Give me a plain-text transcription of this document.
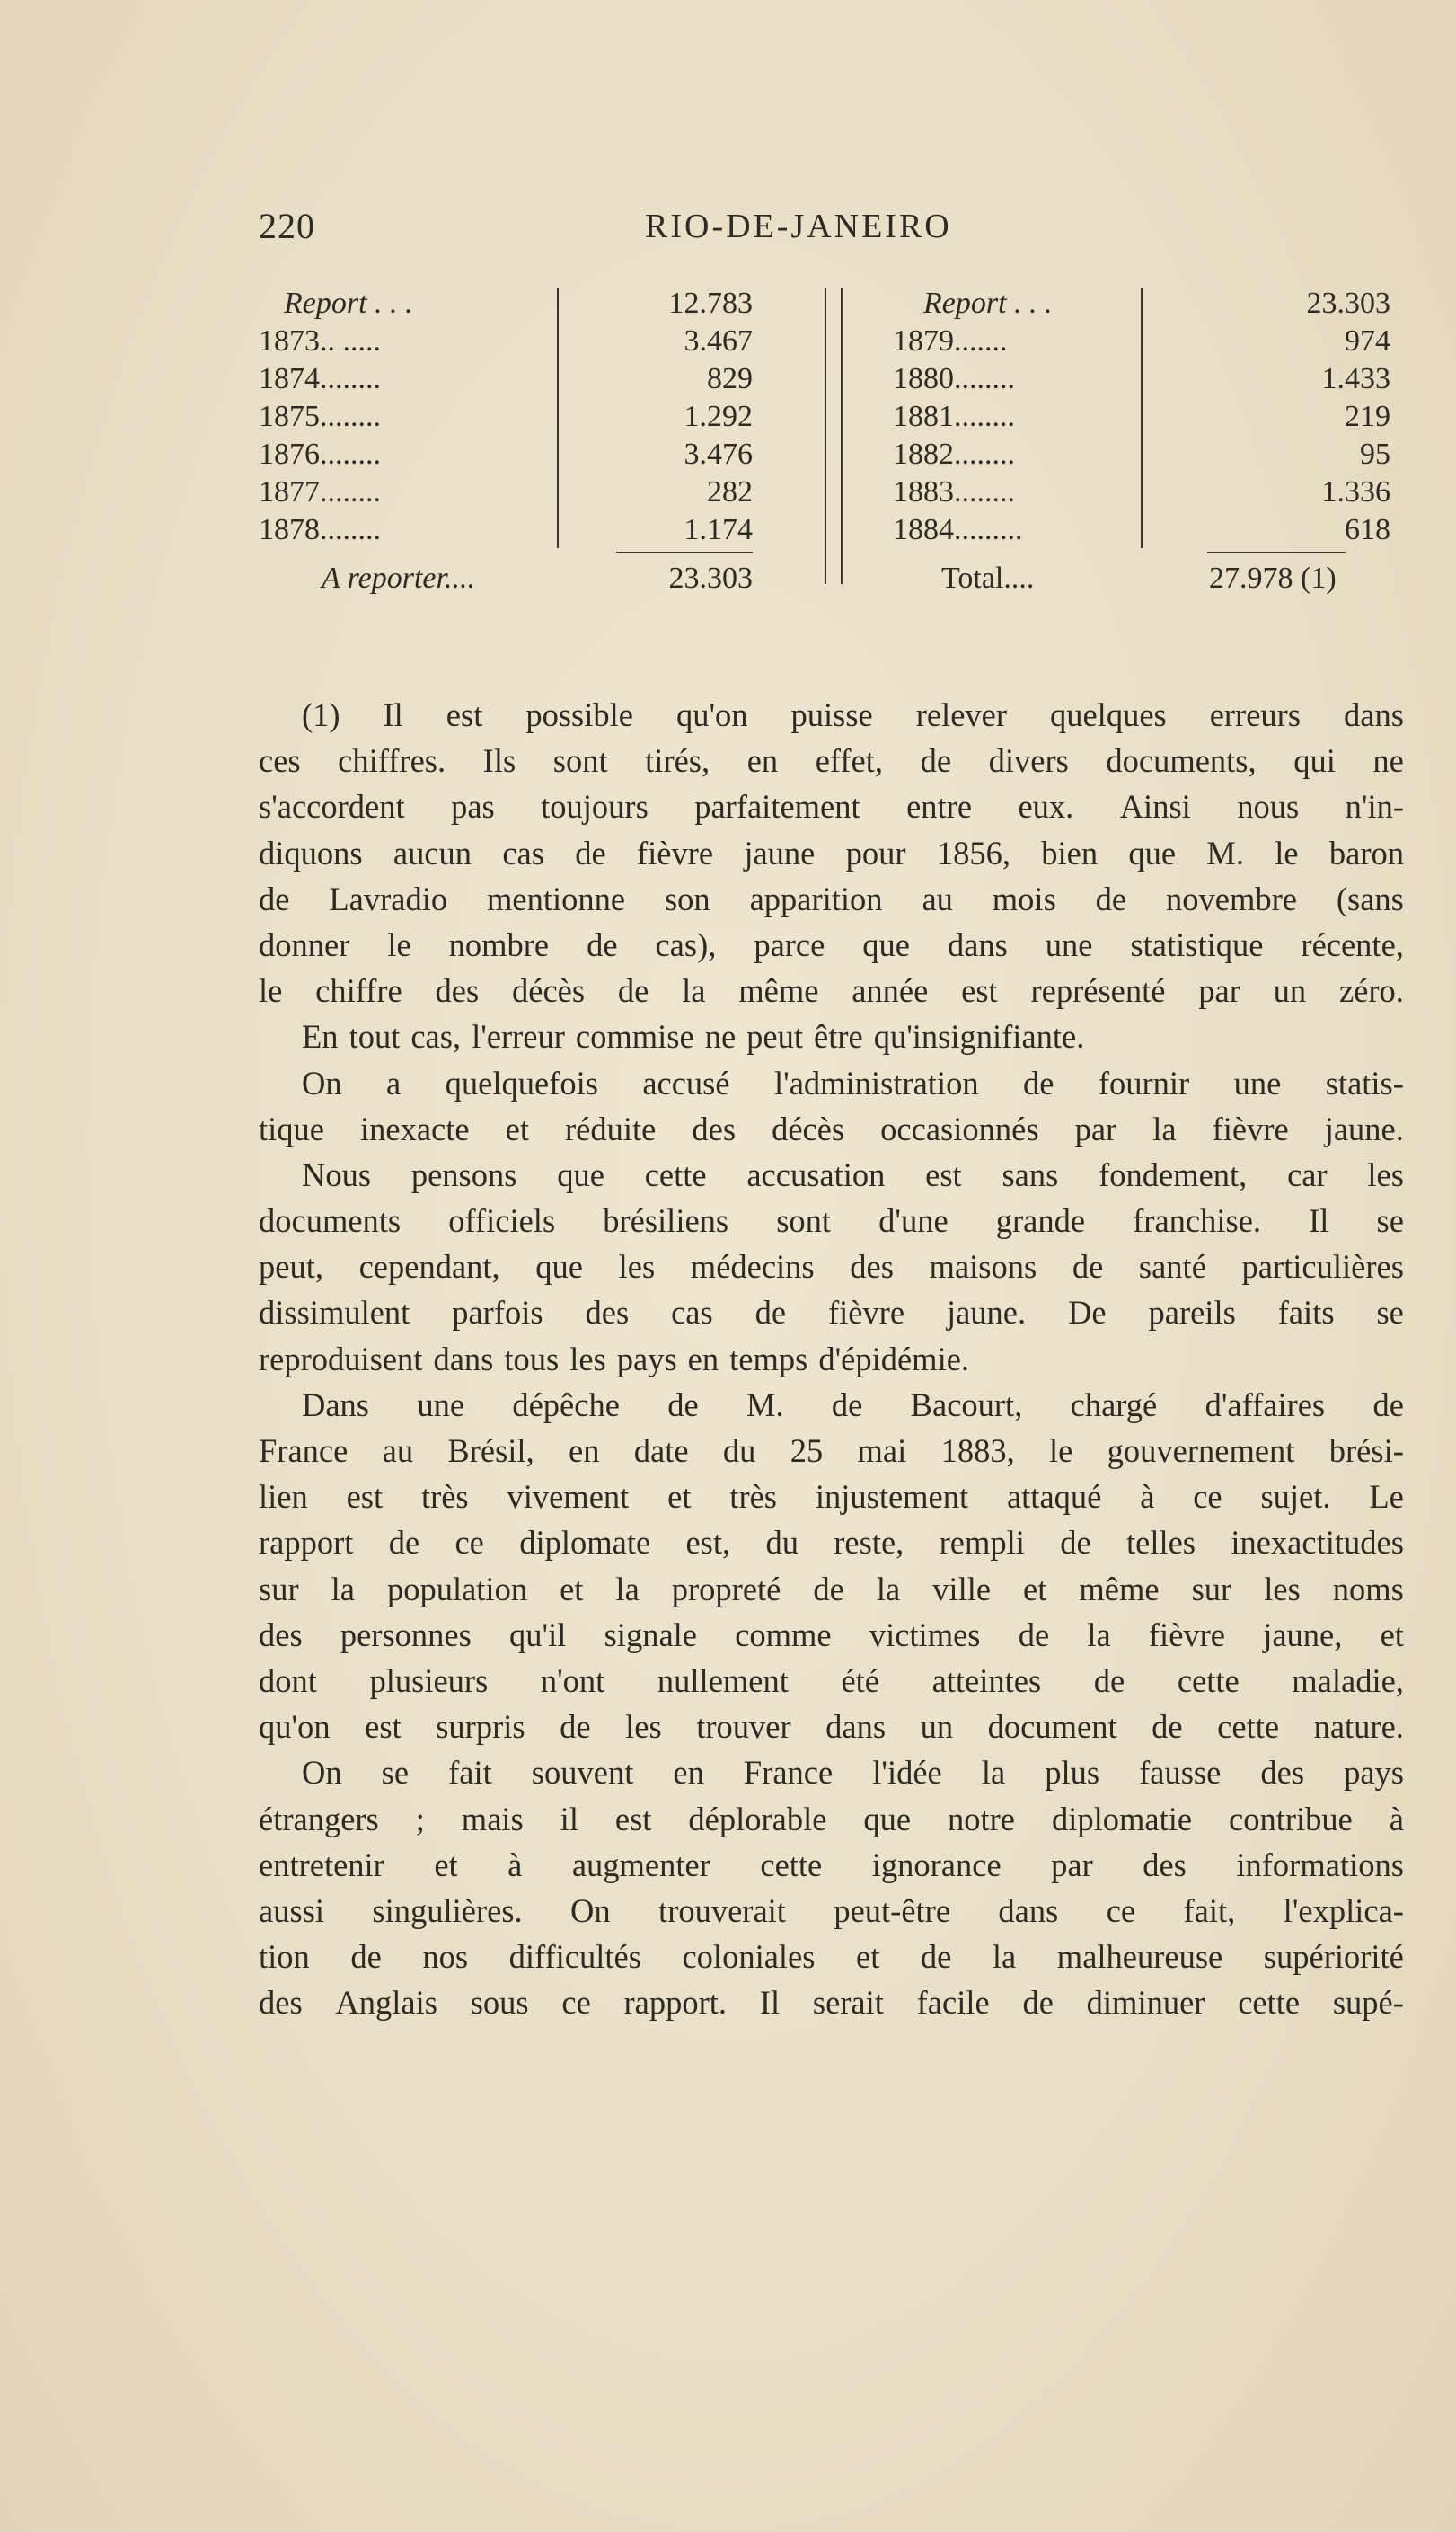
220	RIO-DE-JANEIRO
Report . . .	12.783
1873.. .....	3.467
1874........	829
1875........	1.292
1876........	3.476
1877........	282
1878........	1.174
A reporter....	23.303
Report . . .	23.303
1879.......	974
1880........	1.433
1881........	219
1882........	95
1883........	1.336
1884.........	618
Total....	27.978 (1)
(1) Il est possible qu'on puisse relever quelques erreurs dans
ces chiffres. Ils sont tirés, en effet, de divers documents, qui ne
s'accordent pas toujours parfaitement entre eux. Ainsi nous n'in-
diquons aucun cas de fièvre jaune pour 1856, bien que M. le baron
de Lavradio mentionne son apparition au mois de novembre (sans
donner le nombre de cas), parce que dans une statistique récente,
le chiffre des décès de la même année est représenté par un zéro.
En tout cas, l'erreur commise ne peut être qu'insignifiante.
On a quelquefois accusé l'administration de fournir une statis-
tique inexacte et réduite des décès occasionnés par la fièvre jaune.
Nous pensons que cette accusation est sans fondement, car les
documents officiels brésiliens sont d'une grande franchise. Il se
peut, cependant, que les médecins des maisons de santé particulières
dissimulent parfois des cas de fièvre jaune. De pareils faits se
reproduisent dans tous les pays en temps d'épidémie.
Dans une dépêche de M. de Bacourt, chargé d'affaires de
France au Brésil, en date du 25 mai 1883, le gouvernement brési-
lien est très vivement et très injustement attaqué à ce sujet. Le
rapport de ce diplomate est, du reste, rempli de telles inexactitudes
sur la population et la propreté de la ville et même sur les noms
des personnes qu'il signale comme victimes de la fièvre jaune, et
dont plusieurs n'ont nullement été atteintes de cette maladie,
qu'on est surpris de les trouver dans un document de cette nature.
On se fait souvent en France l'idée la plus fausse des pays
étrangers ; mais il est déplorable que notre diplomatie contribue à
entretenir et à augmenter cette ignorance par des informations
aussi singulières. On trouverait peut-être dans ce fait, l'explica-
tion de nos difficultés coloniales et de la malheureuse supériorité
des Anglais sous ce rapport. Il serait facile de diminuer cette supé-
